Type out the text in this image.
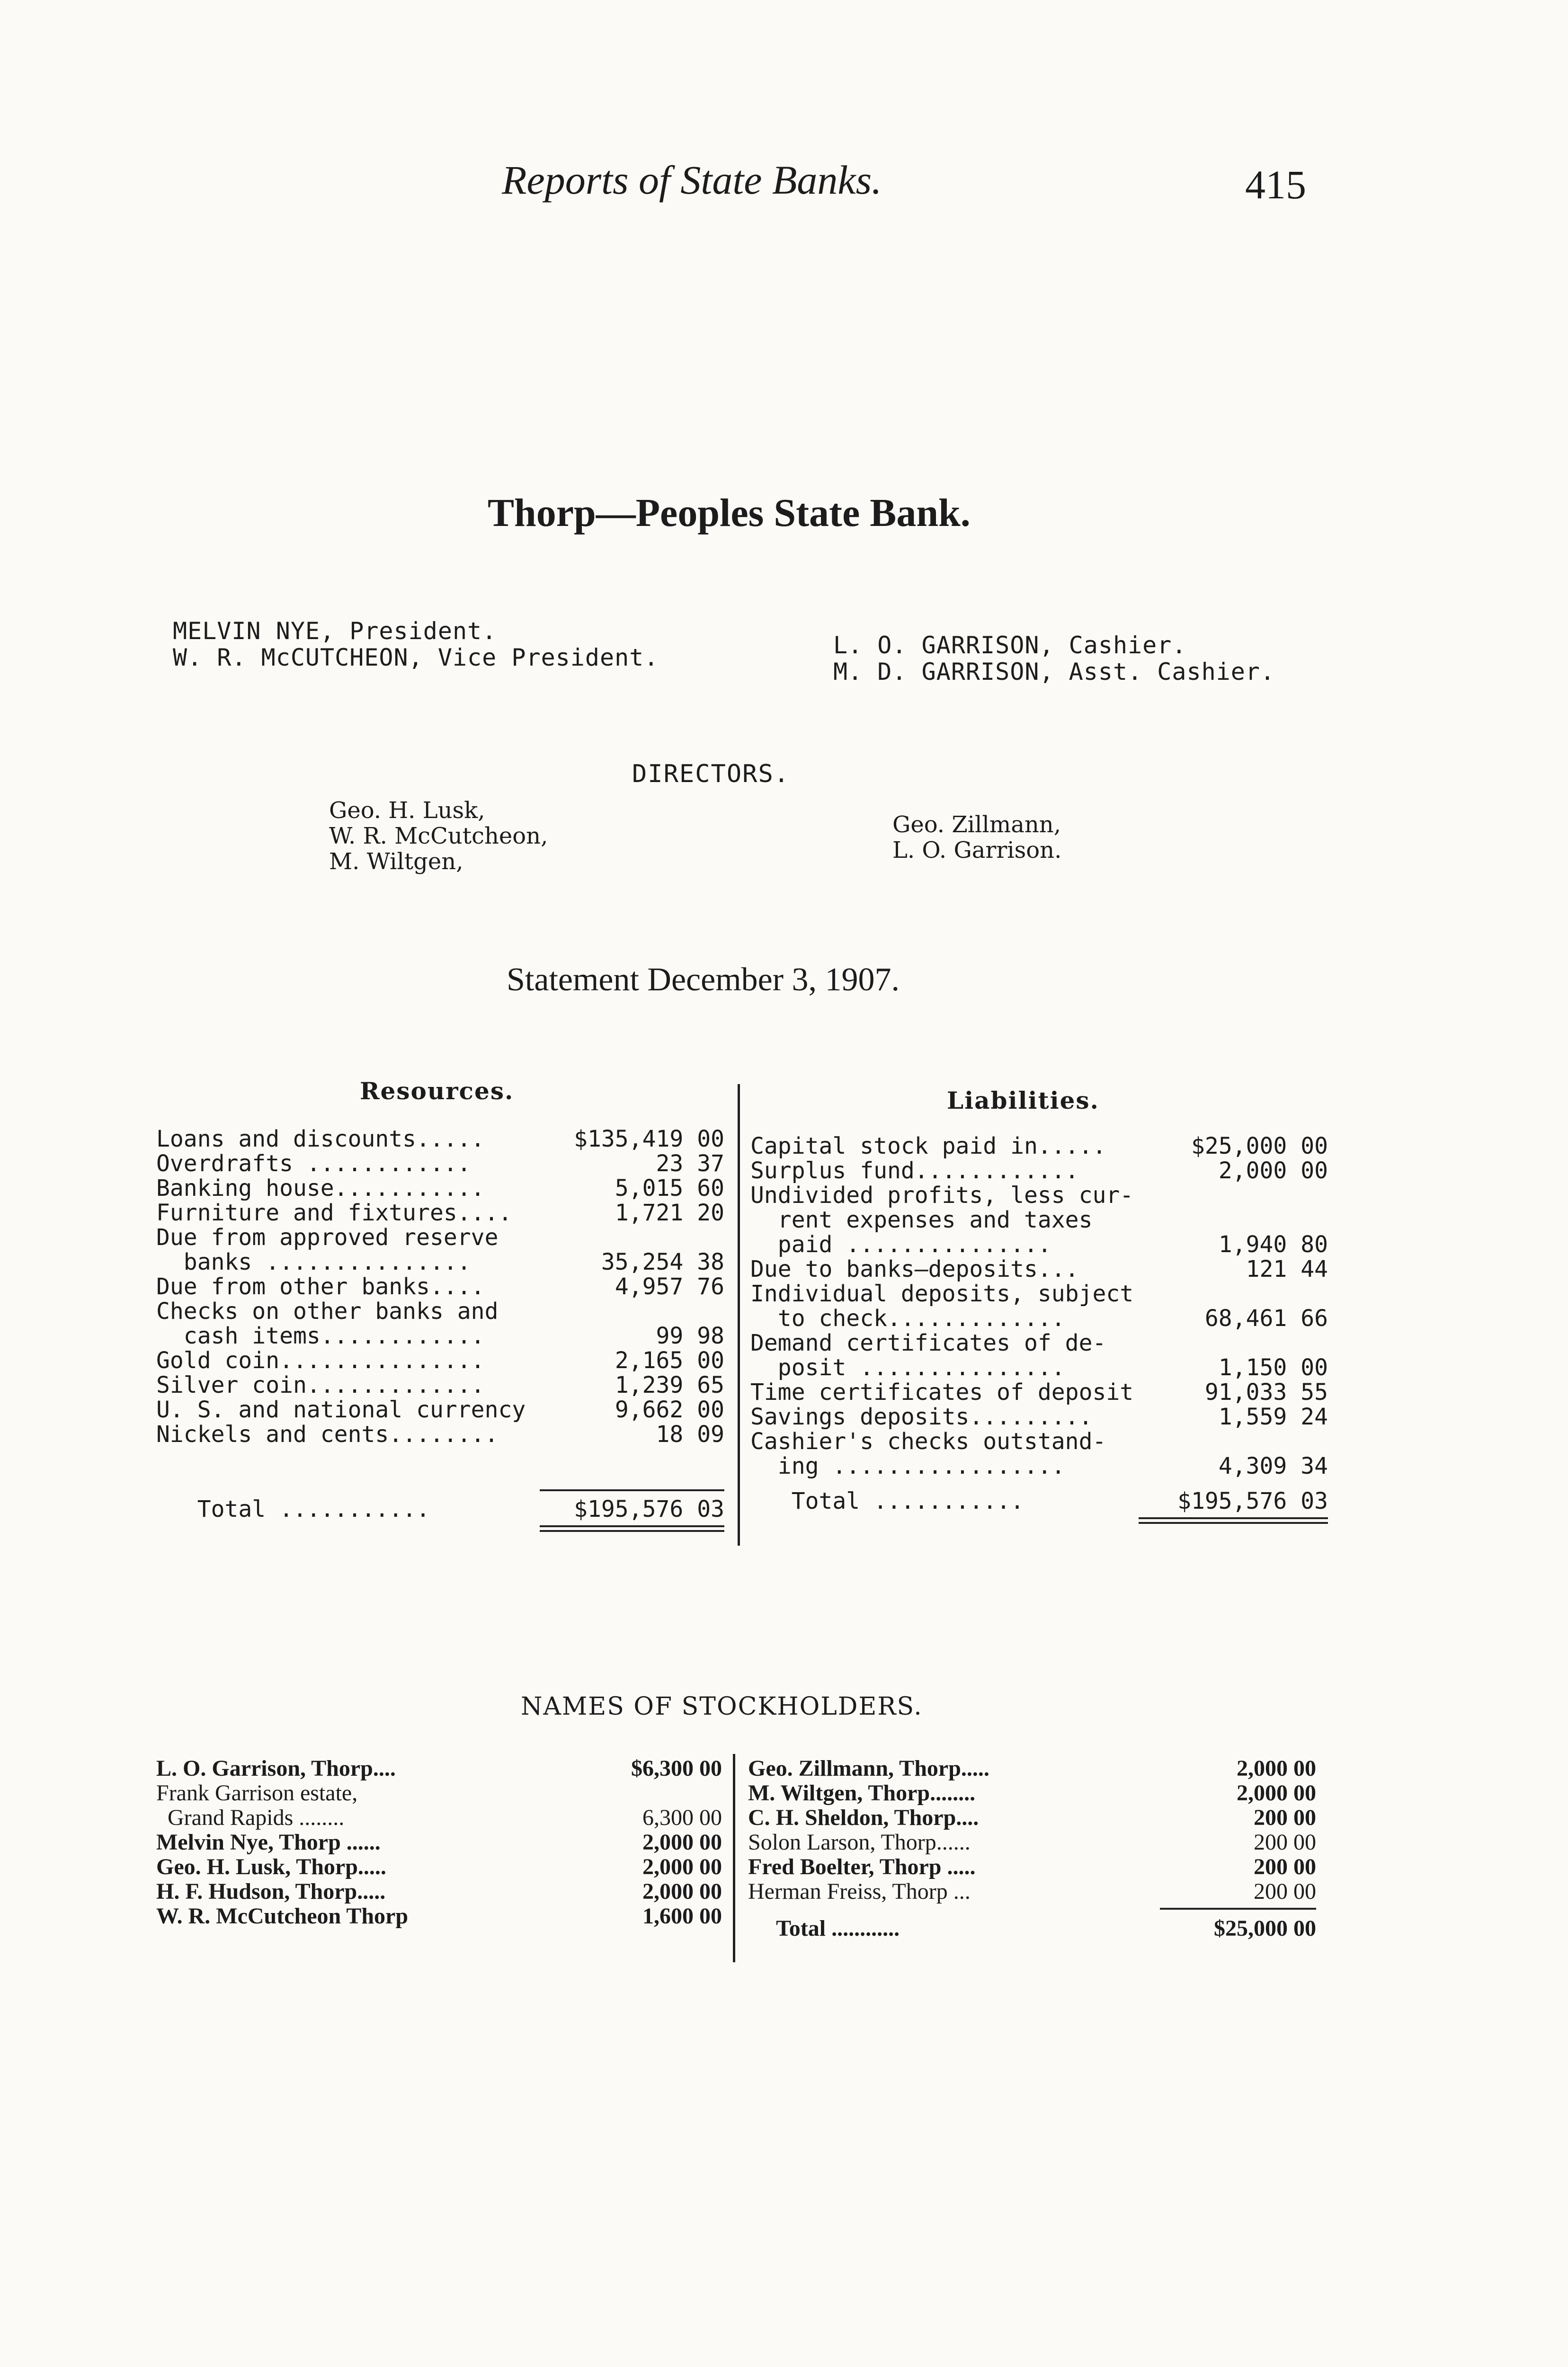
Reports of State Banks.	415
Thorp—Peoples State Bank.
MELVIN NYE, President.
W. R. McCUTCHEON, Vice President.	L. O. GARRISON, Cashier.
M. D. GARRISON, Asst. Cashier.
DIRECTORS.
Geo. H. Lusk,
W. R. McCutcheon,
M. Wiltgen,
Geo. Zillmann,
L. O. Garrison.
Statement December 3, 1907.
Resources.	Liabilities.
Loans and discounts.....	$135,419 00
Overdrafts ............	23 37
Banking house...........	5,015 60
Furniture and fixtures....	1,721 20
Due from approved reserve
banks ...............	35,254 38
Due from other banks....	4,957 76
Checks on other banks and
cash items............	99 98
Gold coin...............	2,165 00
Silver coin.............	1,239 65
U. S. and national currency	9,662 00
Nickels and cents........	18 09
Total ...........	$195,576 03
Capital stock paid in.....	$25,000 00
Surplus fund............	2,000 00
Undivided profits, less cur-
rent expenses and taxes
paid ...............	1,940 80
Due to banks—deposits...	121 44
Individual deposits, subject
to check.............	68,461 66
Demand certificates of de-
posit ...............	1,150 00
Time certificates of deposit	91,033 55
Savings deposits.........	1,559 24
Cashier's checks outstand-
ing .................	4,309 34
Total ...........	$195,576 03
NAMES OF STOCKHOLDERS.
L. O. Garrison, Thorp....	$6,300 00
Frank Garrison estate,
Grand Rapids ........	6,300 00
Melvin Nye, Thorp ......	2,000 00
Geo. H. Lusk, Thorp.....	2,000 00
H. F. Hudson, Thorp.....	2,000 00
W. R. McCutcheon Thorp	1,600 00
Geo. Zillmann, Thorp.....	2,000 00
M. Wiltgen, Thorp........	2,000 00
C. H. Sheldon, Thorp....	200 00
Solon Larson, Thorp......	200 00
Fred Boelter, Thorp .....	200 00
Herman Freiss, Thorp ...	200 00
Total ............	$25,000 00
